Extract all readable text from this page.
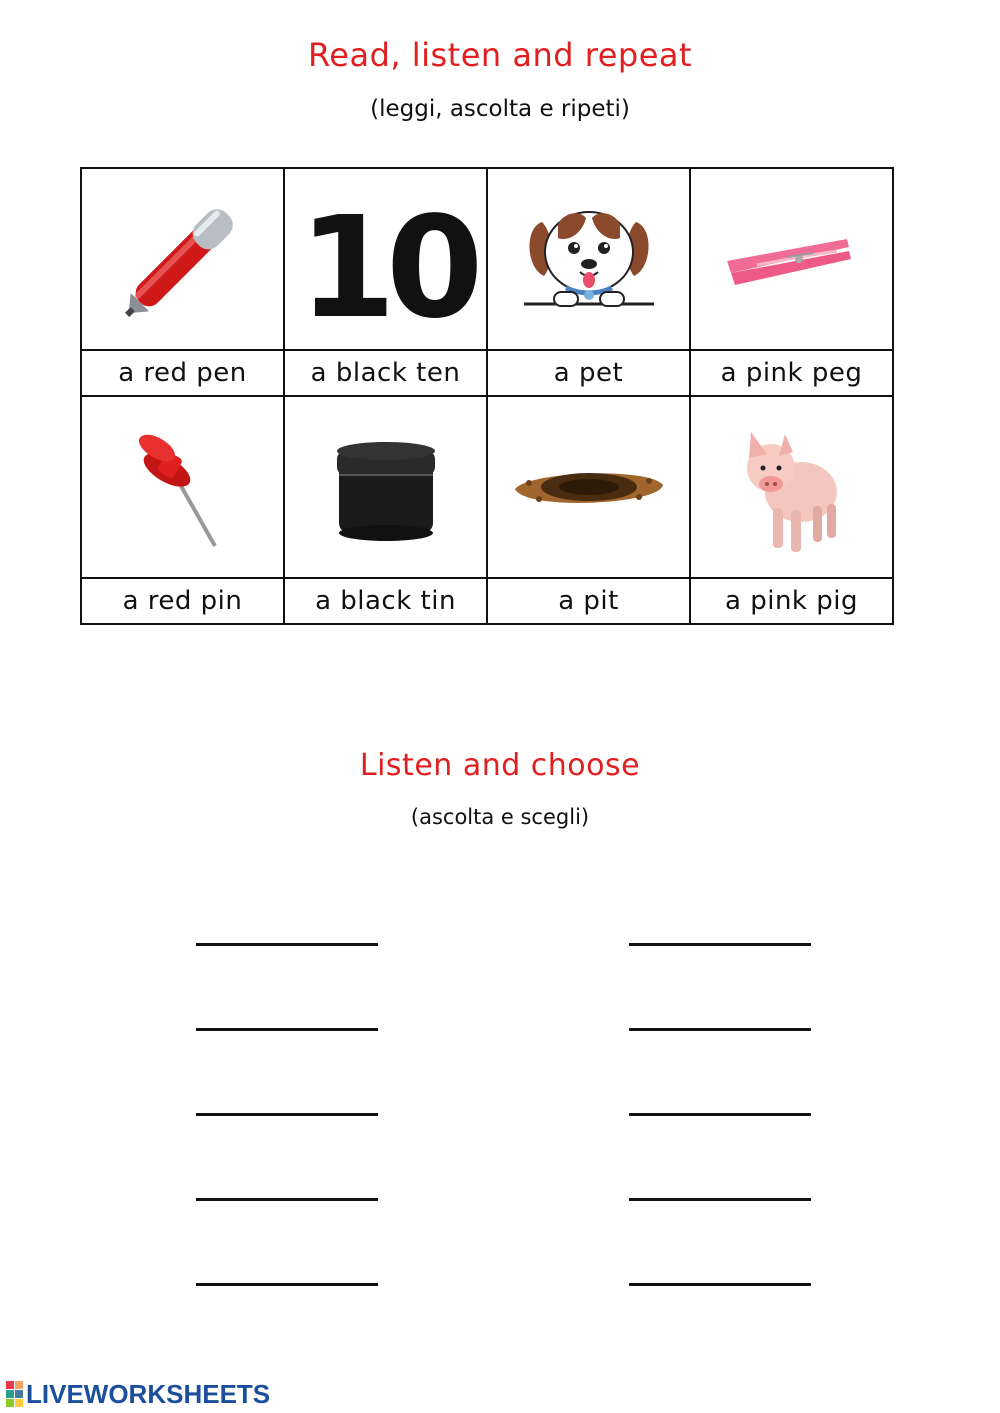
Read, listen and repeat
(leggi, ascolta e ripeti)

10

a red pen	a black ten	a pet	a pink peg

a red pin	a black tin	a pit	a pink pig
Listen and choose
(ascolta e scegli)
LIVEWORKSHEETS
